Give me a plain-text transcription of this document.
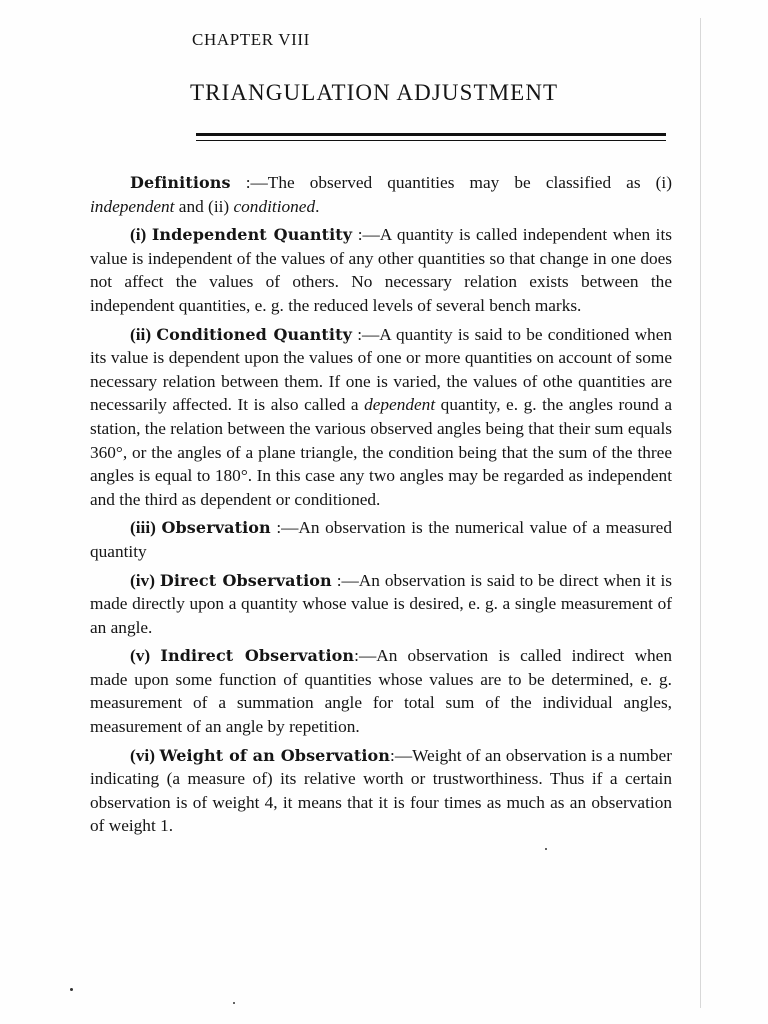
CHAPTER VIII
TRIANGULATION ADJUSTMENT

Definitions :—The observed quantities may be classified as (i) independent and (ii) conditioned.

(i) Independent Quantity :—A quantity is called independent when its value is independent of the values of any other quantities so that change in one does not affect the values of others. No necessary relation exists between the independent quantities, e. g. the reduced levels of several bench marks.

(ii) Conditioned Quantity :—A quantity is said to be conditioned when its value is dependent upon the values of one or more quantities on account of some necessary relation between them. If one is varied, the values of othe quantities are necessarily affected. It is also called a dependent quantity, e. g. the angles round a station, the relation between the various observed angles being that their sum equals 360°, or the angles of a plane triangle, the condition being that the sum of the three angles is equal to 180°. In this case any two angles may be regarded as independent and the third as dependent or conditioned.

(iii) Observation :—An observation is the numerical value of a measured quantity

(iv) Direct Observation :—An observation is said to be direct when it is made directly upon a quantity whose value is desired, e. g. a single measurement of an angle.

(v) Indirect Observation:—An observation is called indirect when made upon some function of quantities whose values are to be determined, e. g. measurement of a summation angle for total sum of the individual angles, measurement of an angle by repetition.

(vi) Weight of an Observation:—Weight of an observation is a number indicating (a measure of) its relative worth or trustworthiness. Thus if a certain observation is of weight 4, it means that it is four times as much as an observation of weight 1.
